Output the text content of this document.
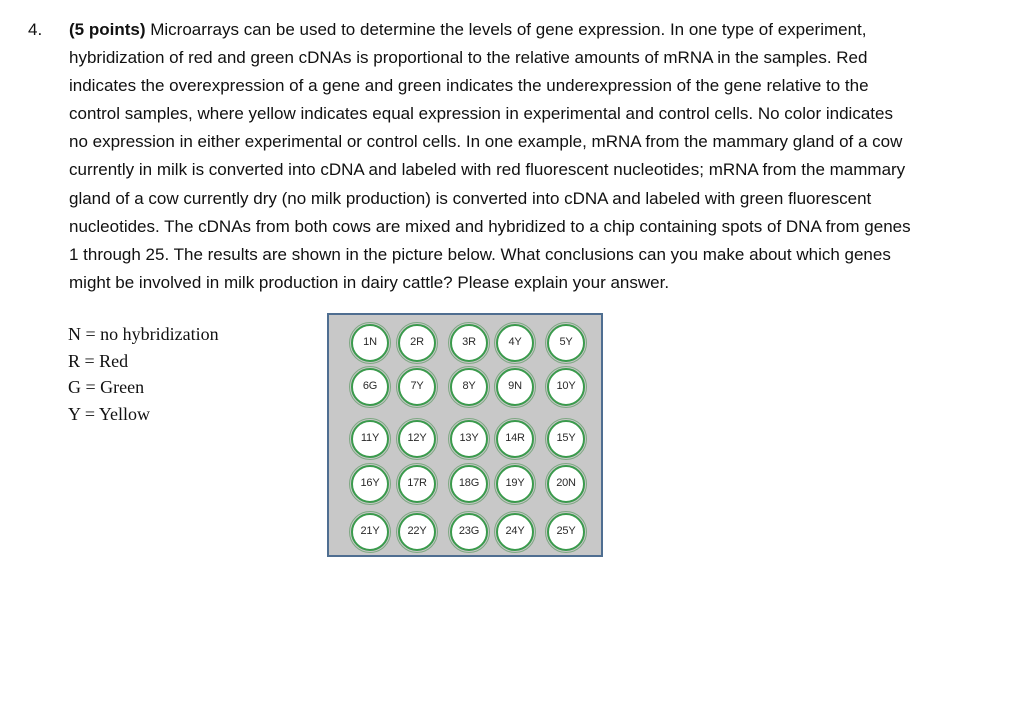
4. (5 points) Microarrays can be used to determine the levels of gene expression. In one type of experiment,
hybridization of red and green cDNAs is proportional to the relative amounts of mRNA in the samples. Red
indicates the overexpression of a gene and green indicates the underexpression of the gene relative to the
control samples, where yellow indicates equal expression in experimental and control cells. No color indicates
no expression in either experimental or control cells. In one example, mRNA from the mammary gland of a cow
currently in milk is converted into cDNA and labeled with red fluorescent nucleotides; mRNA from the mammary
gland of a cow currently dry (no milk production) is converted into cDNA and labeled with green fluorescent
nucleotides. The cDNAs from both cows are mixed and hybridized to a chip containing spots of DNA from genes
1 through 25. The results are shown in the picture below. What conclusions can you make about which genes
might be involved in milk production in dairy cattle? Please explain your answer.
N = no hybridization
R = Red
G = Green
Y = Yellow
1N	2R	3R	4Y	5Y
6G	7Y	8Y	9N	10Y
11Y	12Y	13Y	14R	15Y
16Y	17R	18G	19Y	20N
21Y	22Y	23G	24Y	25Y
